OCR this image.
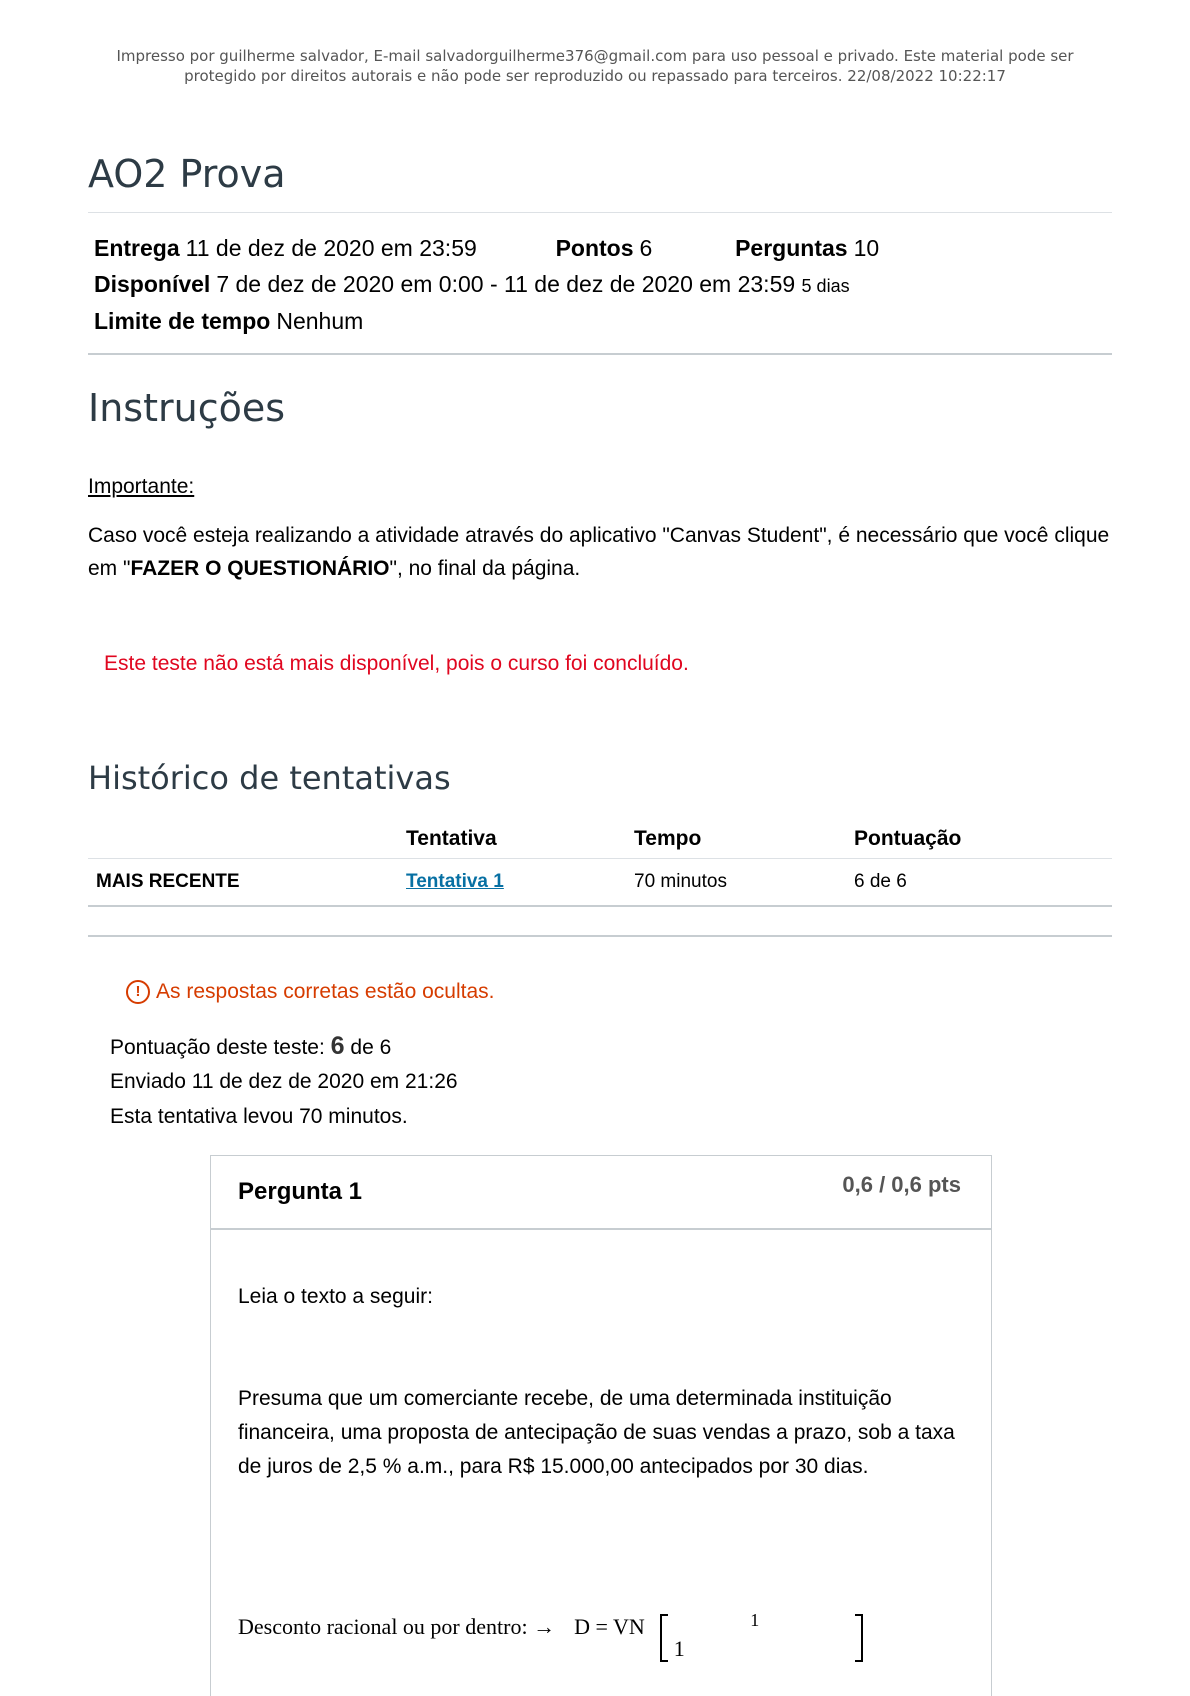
Impresso por guilherme salvador, E-mail salvadorguilherme376@gmail.com para uso pessoal e privado. Este material pode ser
protegido por direitos autorais e não pode ser reproduzido ou repassado para terceiros. 22/08/2022 10:22:17
AO2 Prova
Entrega 11 de dez de 2020 em 23:59	Pontos 6	Perguntas 10
Disponível 7 de dez de 2020 em 0:00 - 11 de dez de 2020 em 23:59 5 dias
Limite de tempo Nenhum
Instruções
Importante:
Caso você esteja realizando a atividade através do aplicativo "Canvas Student", é necessário que você clique em "FAZER O QUESTIONÁRIO", no final da página.
Este teste não está mais disponível, pois o curso foi concluído.
Histórico de tentativas
	Tentativa	Tempo	Pontuação
MAIS RECENTE	Tentativa 1	70 minutos	6 de 6
! As respostas corretas estão ocultas.
Pontuação deste teste: 6 de 6
Enviado 11 de dez de 2020 em 21:26
Esta tentativa levou 70 minutos.
Pergunta 1	0,6 / 0,6 pts
Leia o texto a seguir:
Presuma que um comerciante recebe, de uma determinada instituição financeira, uma proposta de antecipação de suas vendas a prazo, sob a taxa de juros de 2,5 % a.m., para R$ 15.000,00 antecipados por 30 dias.
Desconto racional ou por dentro: → D = VN  1 1
